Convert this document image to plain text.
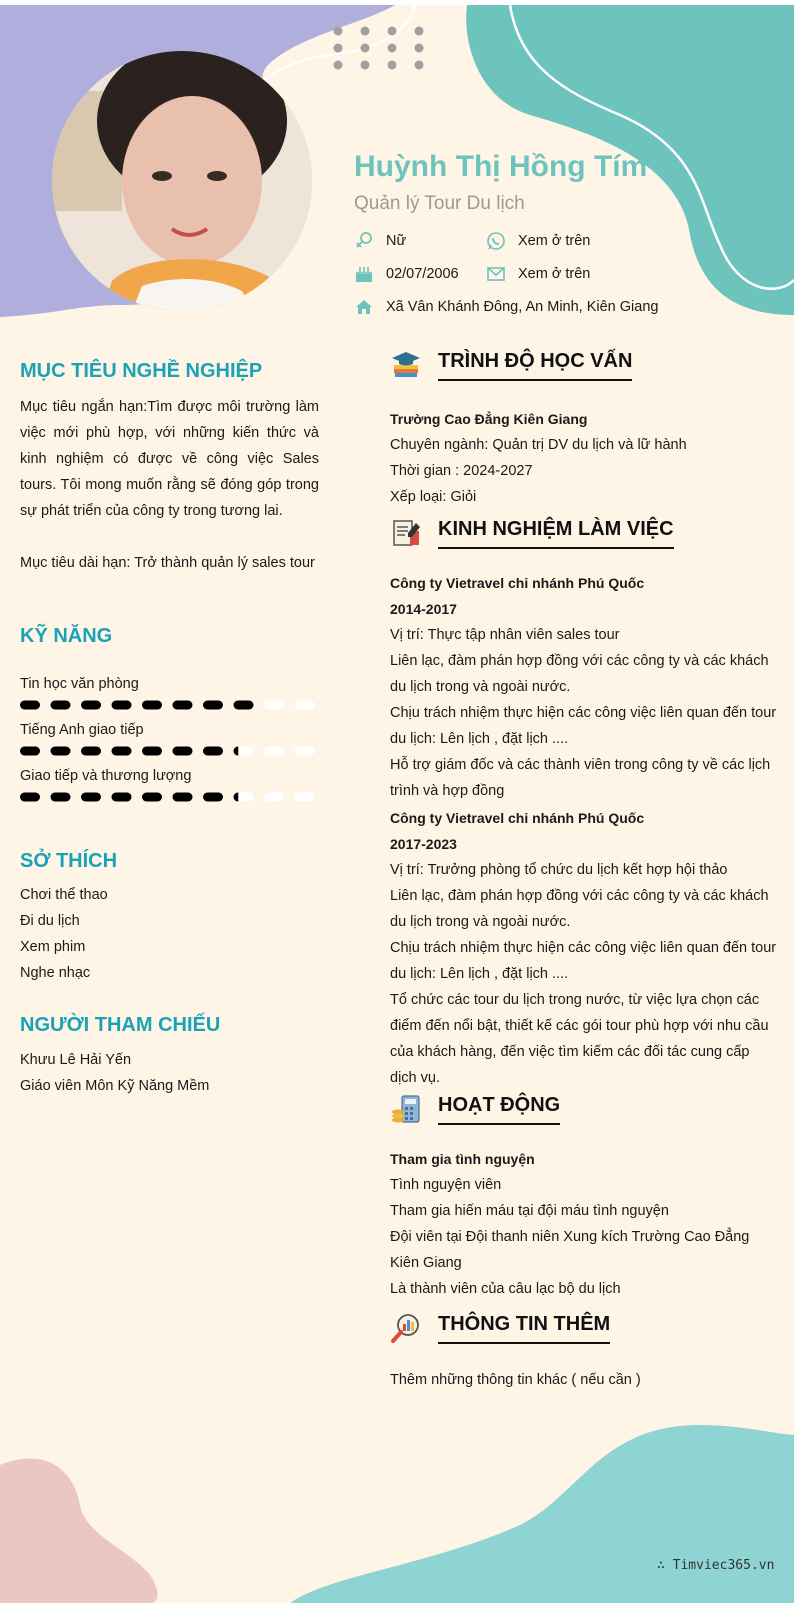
Huỳnh Thị Hồng Tím
Quản lý Tour Du lịch
Nữ	Xem ở trên
02/07/2006	Xem ở trên
Xã Vân Khánh Đông, An Minh, Kiên Giang
MỤC TIÊU NGHỀ NGHIỆP
Mục tiêu ngắn hạn:Tìm được môi trường làm việc mới phù hợp, với những kiến thức và kinh nghiệm có được về công việc Sales tours. Tôi mong muốn rằng sẽ đóng góp trong sự phát triển của công ty trong tương lai.
Mục tiêu dài hạn: Trở thành quản lý sales tour
KỸ NĂNG
Tin học văn phòng
Tiếng Anh giao tiếp
Giao tiếp và thương lượng
SỞ THÍCH
Chơi thể thao
Đi du lịch
Xem phim
Nghe nhạc
NGƯỜI THAM CHIẾU
Khưu Lê Hải Yến
Giáo viên Môn Kỹ Năng Mềm
TRÌNH ĐỘ HỌC VẤN
Trường Cao Đẳng Kiên Giang
Chuyên ngành: Quản trị DV du lịch và lữ hành
Thời gian : 2024-2027
Xếp loại: Giỏi
KINH NGHIỆM LÀM VIỆC
Công ty Vietravel chi nhánh Phú Quốc
2014-2017
Vị trí: Thực tập nhân viên sales tour
Liên lạc, đàm phán hợp đồng với các công ty và các khách du lịch trong và ngoài nước.
Chịu trách nhiệm thực hiện các công việc liên quan đến tour du lịch: Lên lịch , đặt lịch ....
Hỗ trợ giám đốc và các thành viên trong công ty về các lịch trình và hợp đồng
Công ty Vietravel chi nhánh Phú Quốc
2017-2023
Vị trí: Trưởng phòng tổ chức du lịch kết hợp hội thảo
Liên lạc, đàm phán hợp đồng với các công ty và các khách du lịch trong và ngoài nước.
Chịu trách nhiệm thực hiện các công việc liên quan đến tour du lịch: Lên lịch , đặt lịch ....
Tổ chức các tour du lịch trong nước, từ việc lựa chọn các điểm đến nổi bật, thiết kế các gói tour phù hợp với nhu cầu của khách hàng, đến việc tìm kiếm các đối tác cung cấp dịch vụ.
HOẠT ĐỘNG
Tham gia tình nguyện
Tình nguyện viên
Tham gia hiến máu tại đội máu tình nguyện
Đội viên tại Đội thanh niên Xung kích Trường Cao Đẳng Kiên Giang
Là thành viên của câu lạc bộ du lịch
THÔNG TIN THÊM
Thêm những thông tin khác ( nếu cần )
∴ Timviec365.vn
